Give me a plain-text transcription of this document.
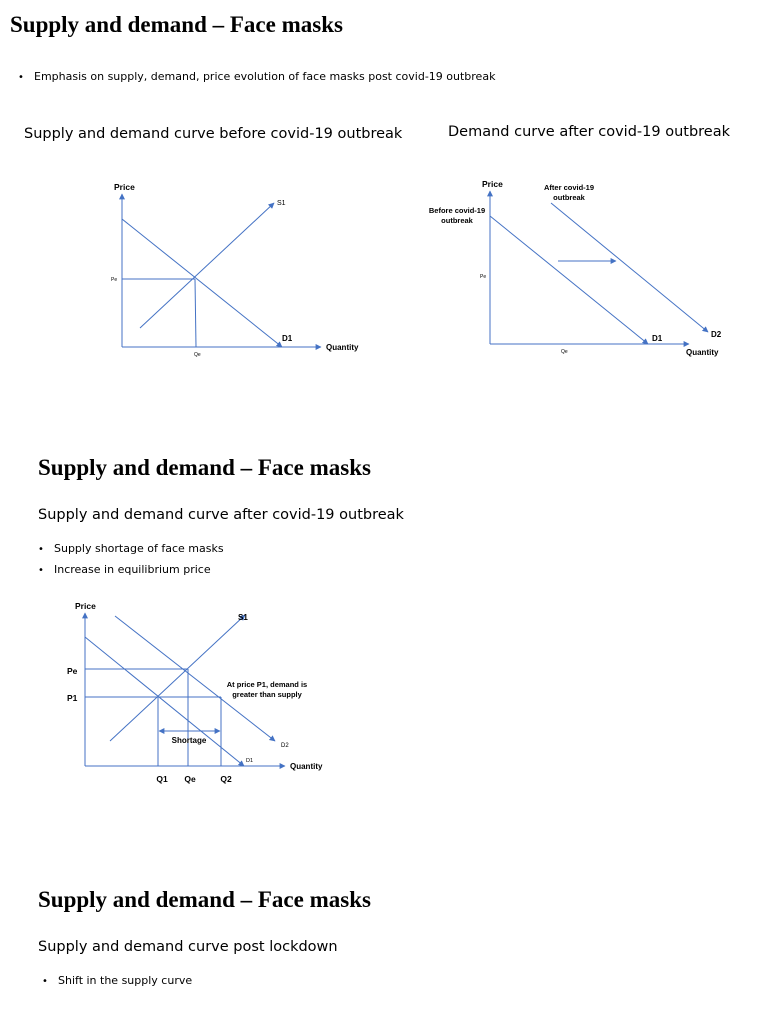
Supply and demand – Face masks

• Emphasis on supply, demand, price evolution of face masks post covid-19 outbreak

Supply and demand curve before covid-19 outbreak	Demand curve after covid-19 outbreak

Price
Quantity
S1
D1
Pe
Qe
Price
Quantity
Before covid-19
outbreak
After covid-19
outbreak
D1	D2
Pe
Qe
Supply and demand – Face masks

Supply and demand curve after covid-19 outbreak

• Supply shortage of face masks

• Increase in equilibrium price

Price
Quantity
S1
D1
D2
Pe
P1
Q1 Qe	Q2
Shortage
At price P1, demand is
greater than supply
Supply and demand – Face masks

Supply and demand curve post lockdown

• Shift in the supply curve
